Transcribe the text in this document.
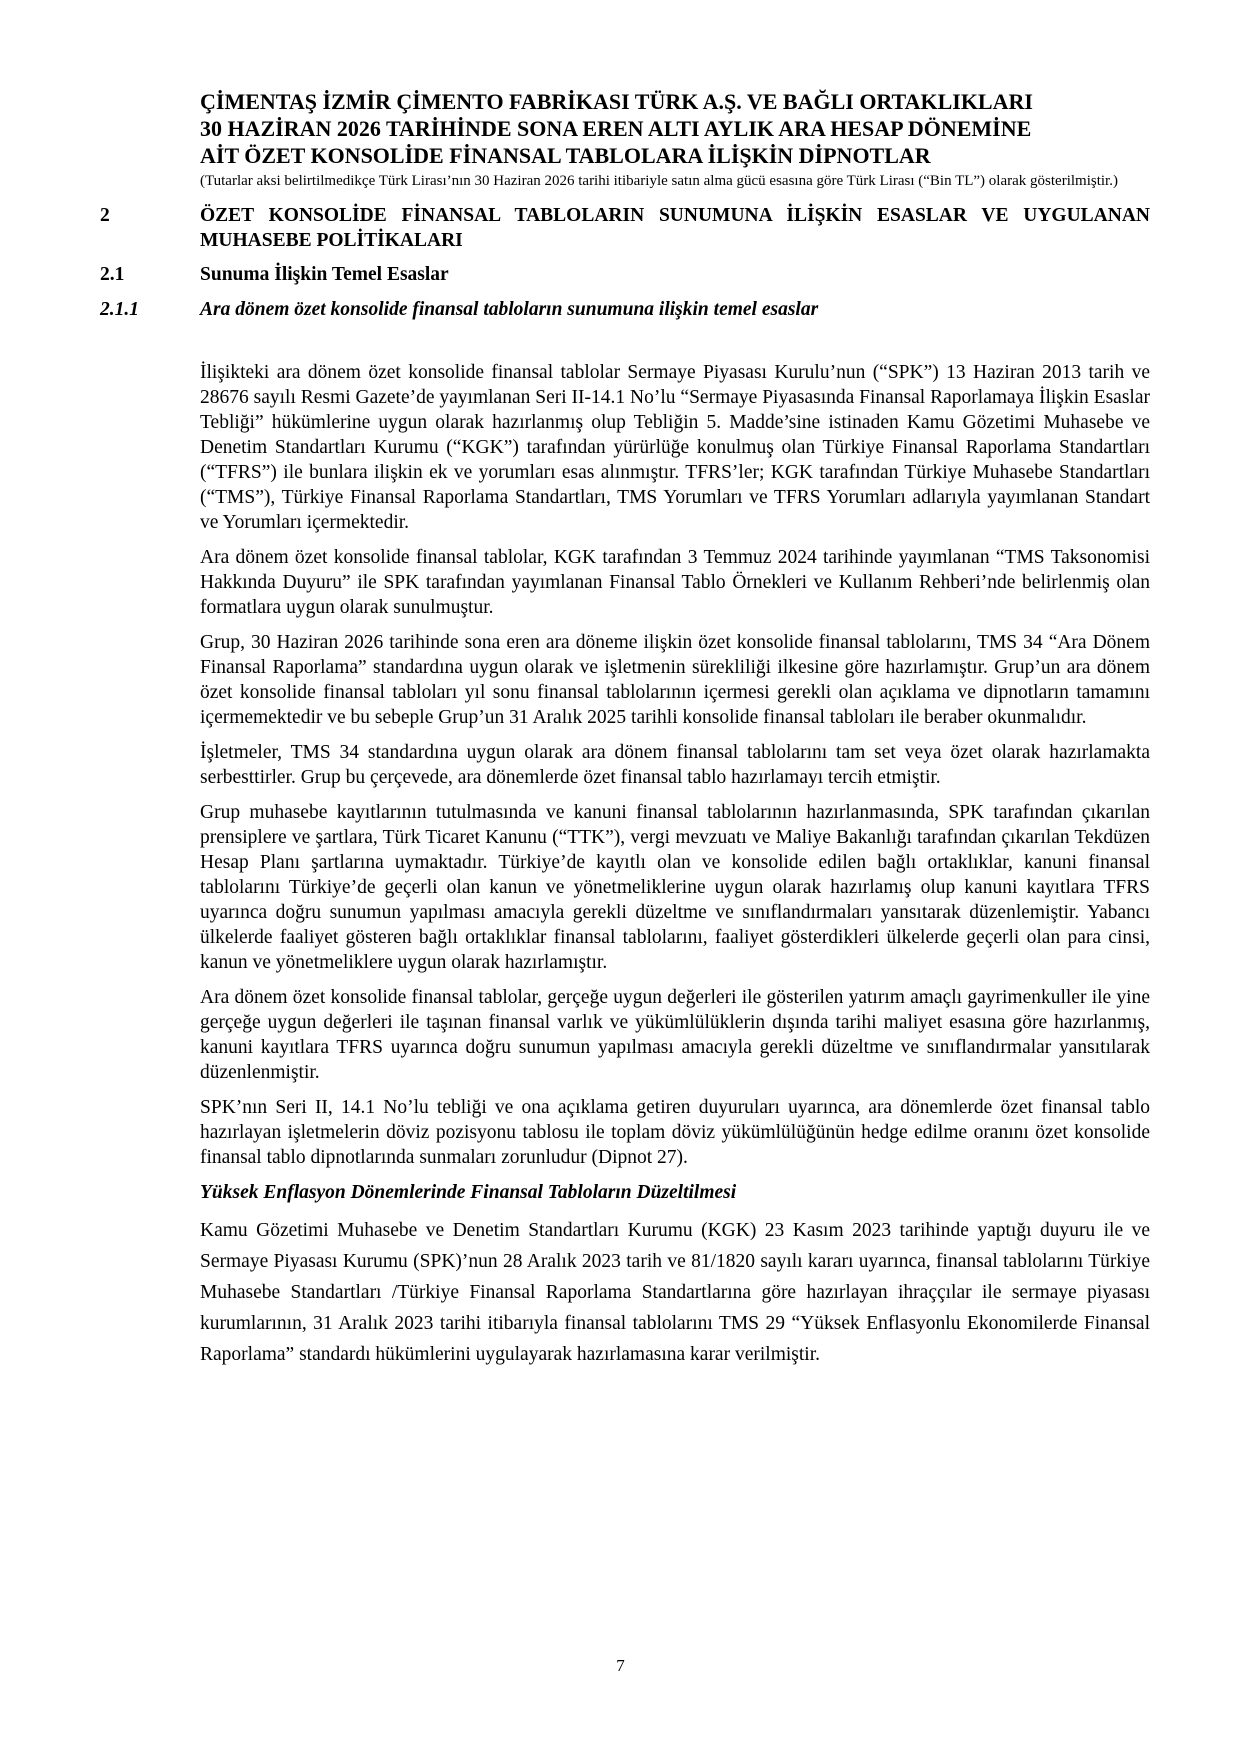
ÇİMENTAŞ İZMİR ÇİMENTO FABRİKASI TÜRK A.Ş. VE BAĞLI ORTAKLIKLARI
30 HAZİRAN 2026 TARİHİNDE SONA EREN ALTI AYLIK ARA HESAP DÖNEMİNE
AİT ÖZET KONSOLİDE FİNANSAL TABLOLARA İLİŞKİN DİPNOTLAR
(Tutarlar aksi belirtilmedikçe Türk Lirası’nın 30 Haziran 2026 tarihi itibariyle satın alma gücü esasına göre Türk Lirası (“Bin TL”) olarak gösterilmiştir.)
2	ÖZET KONSOLİDE FİNANSAL TABLOLARIN SUNUMUNA İLİŞKİN ESASLAR VE UYGULANAN MUHASEBE POLİTİKALARI
2.1	Sunuma İlişkin Temel Esaslar
2.1.1	Ara dönem özet konsolide finansal tabloların sunumuna ilişkin temel esaslar

İlişikteki ara dönem özet konsolide finansal tablolar Sermaye Piyasası Kurulu’nun (“SPK”) 13 Haziran 2013 tarih ve 28676 sayılı Resmi Gazete’de yayımlanan Seri II-14.1 No’lu “Sermaye Piyasasında Finansal Raporlamaya İlişkin Esaslar Tebliği” hükümlerine uygun olarak hazırlanmış olup Tebliğin 5. Madde’sine istinaden Kamu Gözetimi Muhasebe ve Denetim Standartları Kurumu (“KGK”) tarafından yürürlüğe konulmuş olan Türkiye Finansal Raporlama Standartları (“TFRS”) ile bunlara ilişkin ek ve yorumları esas alınmıştır. TFRS’ler; KGK tarafından Türkiye Muhasebe Standartları (“TMS”), Türkiye Finansal Raporlama Standartları, TMS Yorumları ve TFRS Yorumları adlarıyla yayımlanan Standart ve Yorumları içermektedir.

Ara dönem özet konsolide finansal tablolar, KGK tarafından 3 Temmuz 2024 tarihinde yayımlanan “TMS Taksonomisi Hakkında Duyuru” ile SPK tarafından yayımlanan Finansal Tablo Örnekleri ve Kullanım Rehberi’nde belirlenmiş olan formatlara uygun olarak sunulmuştur.

Grup, 30 Haziran 2026 tarihinde sona eren ara döneme ilişkin özet konsolide finansal tablolarını, TMS 34 “Ara Dönem Finansal Raporlama” standardına uygun olarak ve işletmenin sürekliliği ilkesine göre hazırlamıştır. Grup’un ara dönem özet konsolide finansal tabloları yıl sonu finansal tablolarının içermesi gerekli olan açıklama ve dipnotların tamamını içermemektedir ve bu sebeple Grup’un 31 Aralık 2025 tarihli konsolide finansal tabloları ile beraber okunmalıdır.

İşletmeler, TMS 34 standardına uygun olarak ara dönem finansal tablolarını tam set veya özet olarak hazırlamakta serbesttirler. Grup bu çerçevede, ara dönemlerde özet finansal tablo hazırlamayı tercih etmiştir.

Grup muhasebe kayıtlarının tutulmasında ve kanuni finansal tablolarının hazırlanmasında, SPK tarafından çıkarılan prensiplere ve şartlara, Türk Ticaret Kanunu (“TTK”), vergi mevzuatı ve Maliye Bakanlığı tarafından çıkarılan Tekdüzen Hesap Planı şartlarına uymaktadır. Türkiye’de kayıtlı olan ve konsolide edilen bağlı ortaklıklar, kanuni finansal tablolarını Türkiye’de geçerli olan kanun ve yönetmeliklerine uygun olarak hazırlamış olup kanuni kayıtlara TFRS uyarınca doğru sunumun yapılması amacıyla gerekli düzeltme ve sınıflandırmaları yansıtarak düzenlemiştir. Yabancı ülkelerde faaliyet gösteren bağlı ortaklıklar finansal tablolarını, faaliyet gösterdikleri ülkelerde geçerli olan para cinsi, kanun ve yönetmeliklere uygun olarak hazırlamıştır.

Ara dönem özet konsolide finansal tablolar, gerçeğe uygun değerleri ile gösterilen yatırım amaçlı gayrimenkuller ile yine gerçeğe uygun değerleri ile taşınan finansal varlık ve yükümlülüklerin dışında tarihi maliyet esasına göre hazırlanmış, kanuni kayıtlara TFRS uyarınca doğru sunumun yapılması amacıyla gerekli düzeltme ve sınıflandırmalar yansıtılarak düzenlenmiştir.

SPK’nın Seri II, 14.1 No’lu tebliği ve ona açıklama getiren duyuruları uyarınca, ara dönemlerde özet finansal tablo hazırlayan işletmelerin döviz pozisyonu tablosu ile toplam döviz yükümlülüğünün hedge edilme oranını özet konsolide finansal tablo dipnotlarında sunmaları zorunludur (Dipnot 27).

Yüksek Enflasyon Dönemlerinde Finansal Tabloların Düzeltilmesi

Kamu Gözetimi Muhasebe ve Denetim Standartları Kurumu (KGK) 23 Kasım 2023 tarihinde yaptığı duyuru ile ve Sermaye Piyasası Kurumu (SPK)’nun 28 Aralık 2023 tarih ve 81/1820 sayılı kararı uyarınca, finansal tablolarını Türkiye Muhasebe Standartları /Türkiye Finansal Raporlama Standartlarına göre hazırlayan ihraççılar ile sermaye piyasası kurumlarının, 31 Aralık 2023 tarihi itibarıyla finansal tablolarını TMS 29 “Yüksek Enflasyonlu Ekonomilerde Finansal Raporlama” standardı hükümlerini uygulayarak hazırlamasına karar verilmiştir.

7
